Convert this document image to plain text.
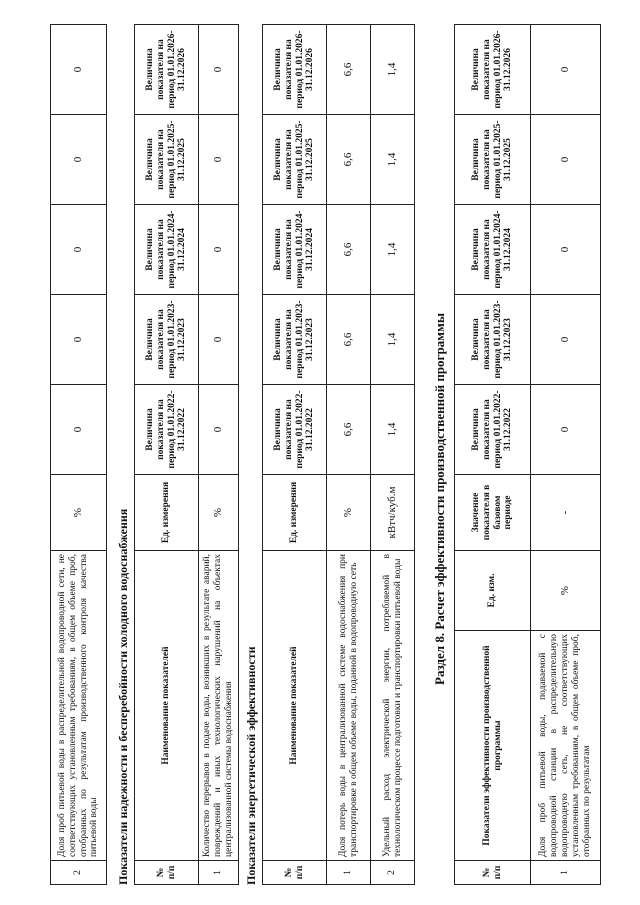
2	Доля проб питьевой воды в распределительной водопроводной сети, не соответствующих установленным требованиям, в общем объеме проб, отобранных по результатам производственного контроля качества питьевой воды	%	0	0	0	0	0
Показатели надежности и бесперебойности холодного водоснабжения	№ п/п	Наименование показателей	Ед. измерения	Величина показателя на период 01.01.2022-31.12.2022	Величина показателя на период 01.01.2023-31.12.2023	Величина показателя на период 01.01.2024-31.12.2024	Величина показателя на период 01.01.2025-31.12.2025	Величина показателя на период 01.01.2026-31.12.2026
1	Количество перерывов в подаче воды, возникших в результате аварий, повреждений и иных технологических нарушений на объектах централизованной системы водоснабжения	%	0	0	0	0	0
Показатели энергетической эффективности	№ п/п	Наименование показателей	Ед. измерения	Величина показателя на период 01.01.2022-31.12.2022	Величина показателя на период 01.01.2023-31.12.2023	Величина показателя на период 01.01.2024-31.12.2024	Величина показателя на период 01.01.2025-31.12.2025	Величина показателя на период 01.01.2026-31.12.2026
1	Доля потерь воды в централизованной системе водоснабжения при транспортировке в общем объеме воды, поданной в водопроводную сеть	%	6,6	6,6	6,6	6,6	6,6
2	Удельный расход электрической энергии, потребляемой в технологическом процессе подготовки и транспортировки питьевой воды	кВтч/куб.м	1,4	1,4	1,4	1,4	1,4
Раздел 8. Расчет эффективности производственной программы
№ п/п	Показатели эффективности производственной программы	Ед. изм.	Значение показателя в базовом периоде	Величина показателя на период 01.01.2022-31.12.2022	Величина показателя на период 01.01.2023-31.12.2023	Величина показателя на период 01.01.2024-31.12.2024	Величина показателя на период 01.01.2025-31.12.2025	Величина показателя на период 01.01.2026-31.12.2026
1	Доля проб питьевой воды, подаваемой с водопроводной станции в распределительную водопроводную сеть, не соответствующих установленным требованиям, в общем объеме проб, отобранных по результатам	%	-	0	0	0	0	0
